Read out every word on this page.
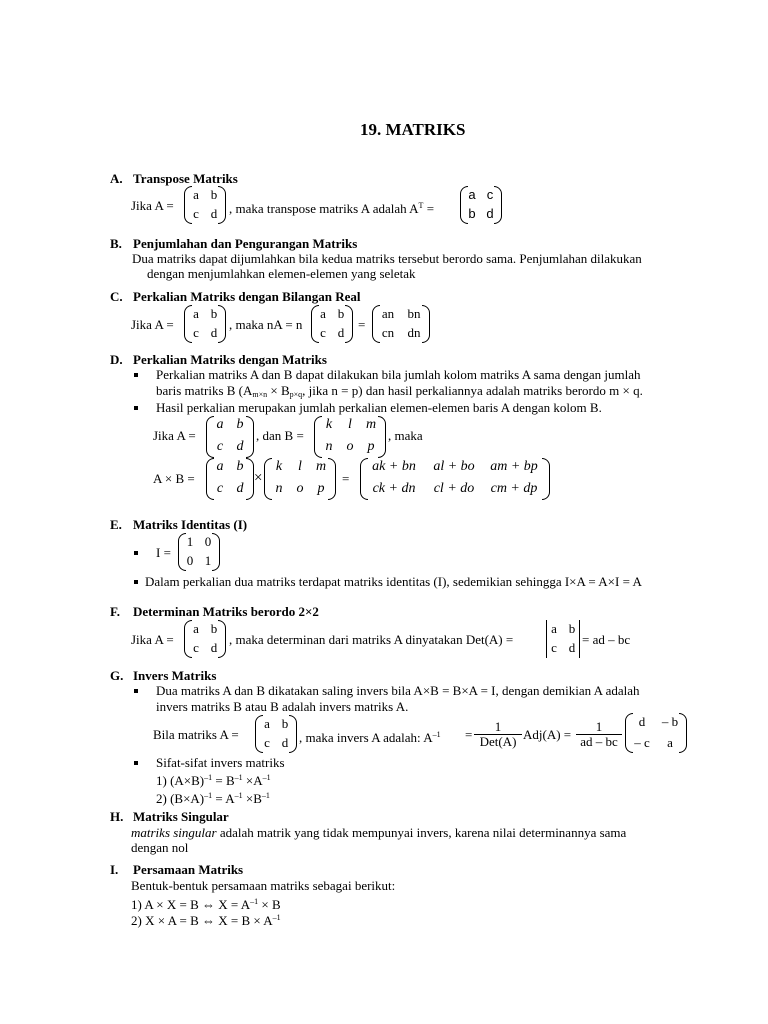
19. MATRIKS
A. Transpose Matriks
Jika A =
a b
c d , maka transpose matriks A adalah $A^T$ =
a c
b d
B. Penjumlahan dan Pengurangan Matriks
Dua matriks dapat dijumlahkan bila kedua matriks tersebut berordo sama. Penjumlahan dilakukan
dengan menjumlahkan elemen-elemen yang seletak
C. Perkalian Matriks dengan Bilangan Real
Jika A =
a b
c d
, maka nA = n
a b
c d
=
an bn
cn dn
D. Perkalian Matriks dengan Matriks
Perkalian matriks A dan B dapat dilakukan bila jumlah kolom matriks A sama dengan jumlah
baris matriks B ($A_{m\times n} \times B_{p\times q}$, jika n = p) dan hasil perkaliannya adalah matriks berordo m × q.
Hasil perkalian merupakan jumlah perkalian elemen-elemen baris A dengan kolom B.
Jika A =
a b
c d
, dan B =
k	l	m
n	o	p
, maka
A × B =
a b
c d
×
k	l	m
n	o	p
=
ak + bn	al + bo	am + bp
ck + dn	cl + do	cm + dp
E. Matriks Identitas (I)
I =
1 0
0 1
Dalam perkalian dua matriks terdapat matriks identitas (I), sedemikian sehingga I×A = A×I = A
F. Determinan Matriks berordo 2×2
Jika A =
a b
c d
, maka determinan dari matriks A dinyatakan Det(A) =
a b
c d
= ad – bc
G. Invers Matriks
Dua matriks A dan B dikatakan saling invers bila A×B = B×A = I, dengan demikian A adalah
invers matriks B atau B adalah invers matriks A.
Bila matriks A =
a b
c d , maka invers A adalah: $A^{-1}$ =
1
Det(A) $Adj(A) = \frac{1}{ad - bc}$	d	– b
– c	a
Sifat-sifat invers matriks
1) $(A\times B)^{-1} = B^{-1} \times A^{-1}$
2) $(B\times A)^{-1} = A^{-1} \times B^{-1}$
H. Matriks Singular
matriks singular adalah matrik yang tidak mempunyai invers, karena nilai determinannya sama
dengan nol
I. Persamaan Matriks
Bentuk-bentuk persamaan matriks sebagai berikut:
1) A × X = B ⇔ $X = A^{-1} \times B$
2) X × A = B ⇔ $X = B \times A^{-1}$
